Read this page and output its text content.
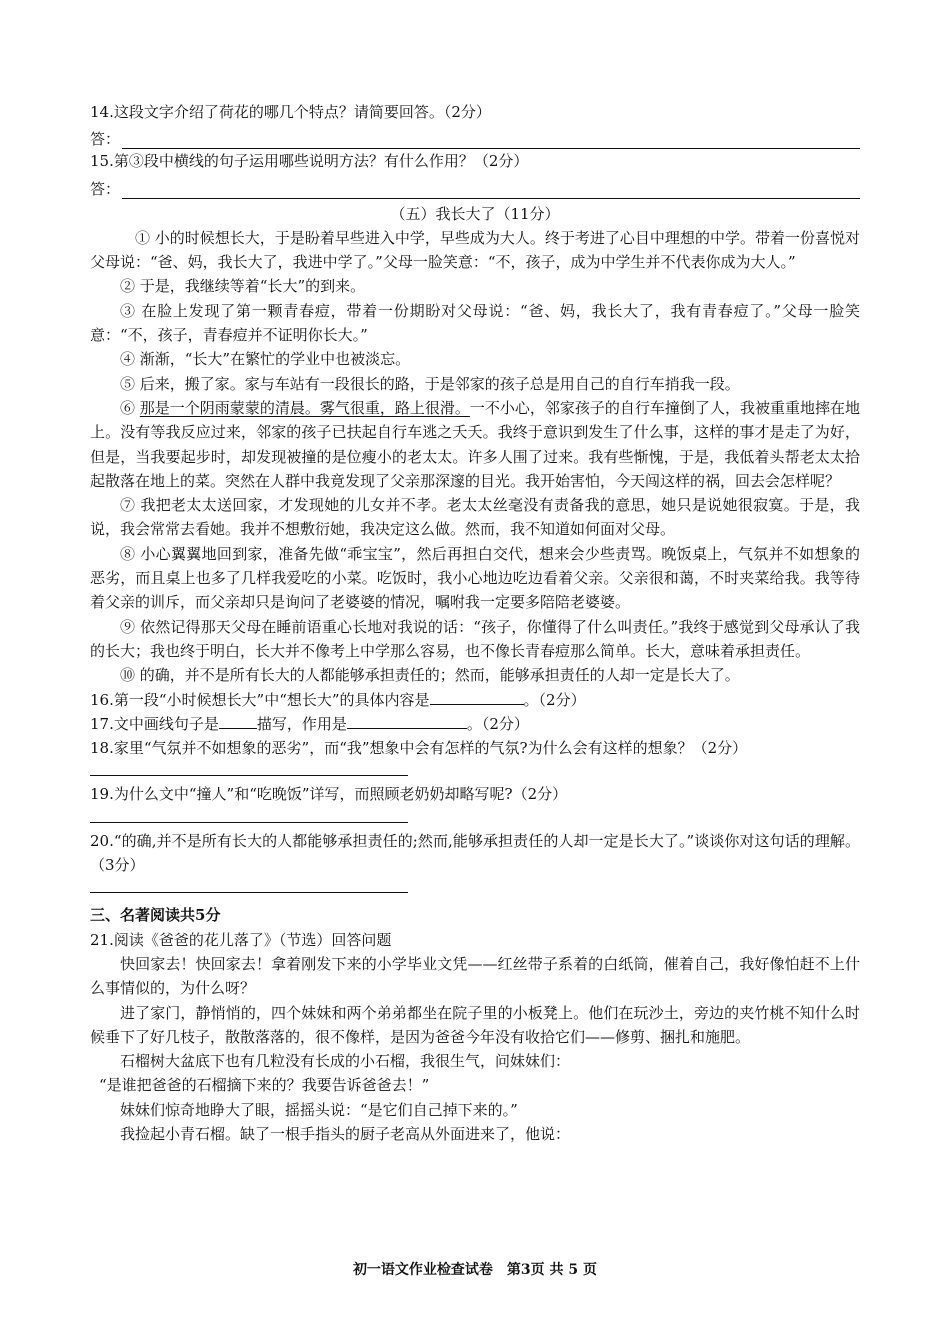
14.这段文字介绍了荷花的哪几个特点？请简要回答。（2分）

答：

15.第③段中横线的句子运用哪些说明方法？有什么作用？（2分）

答：
（五）我长大了（11分）

① 小的时候想长大，于是盼着早些进入中学，早些成为大人。终于考进了心目中理想的中学。带着一份喜悦对父母说：“爸、妈，我长大了，我进中学了。”父母一脸笑意：“不，孩子，成为中学生并不代表你成为大人。”

② 于是，我继续等着“长大”的到来。

③ 在脸上发现了第一颗青春痘，带着一份期盼对父母说：“爸、妈，我长大了，我有青春痘了。”父母一脸笑意：“不，孩子，青春痘并不证明你长大。”

④ 渐渐，“长大”在繁忙的学业中也被淡忘。

⑤ 后来，搬了家。家与车站有一段很长的路，于是邻家的孩子总是用自己的自行车捎我一段。

⑥ 那是一个阴雨蒙蒙的清晨。雾气很重，路上很滑。一不小心，邻家孩子的自行车撞倒了人，我被重重地摔在地上。没有等我反应过来，邻家的孩子已扶起自行车逃之夭夭。我终于意识到发生了什么事，这样的事才是走了为好，但是，当我要起步时，却发现被撞的是位瘦小的老太太。许多人围了过来。我有些惭愧，于是，我低着头帮老太太拾起散落在地上的菜。突然在人群中我竟发现了父亲那深邃的目光。我开始害怕，今天闯这样的祸，回去会怎样呢？

⑦ 我把老太太送回家，才发现她的儿女并不孝。老太太丝毫没有责备我的意思，她只是说她很寂寞。于是，我说，我会常常去看她。我并不想敷衍她，我决定这么做。然而，我不知道如何面对父母。

⑧ 小心翼翼地回到家，准备先做“乖宝宝”，然后再担白交代，想来会少些责骂。晚饭桌上，气氛并不如想象的恶劣，而且桌上也多了几样我爱吃的小菜。吃饭时，我小心地边吃边看着父亲。父亲很和蔼，不时夹菜给我。我等待着父亲的训斥，而父亲却只是询问了老婆婆的情况，嘱咐我一定要多陪陪老婆婆。

⑨ 依然记得那天父母在睡前语重心长地对我说的话：“孩子，你懂得了什么叫责任。”我终于感觉到父母承认了我的长大；我也终于明白，长大并不像考上中学那么容易，也不像长青春痘那么简单。长大，意味着承担责任。

⑩ 的确，并不是所有长大的人都能够承担责任的；然而，能够承担责任的人却一定是长大了。

16.第一段“小时候想长大”中“想长大”的具体内容是	。（2分）

17.文中画线句子是	描写，作用是	。（2分）

18.家里“气氛并不如想象的恶劣”，而“我”想象中会有怎样的气氛?为什么会有这样的想象？（2分）

19.为什么文中“撞人”和“吃晚饭”详写，而照顾老奶奶却略写呢?（2分）

20.“的确,并不是所有长大的人都能够承担责任的;然而,能够承担责任的人却一定是长大了。”谈谈你对这句话的理解。（3分）

三、名著阅读共5分
21.阅读《爸爸的花儿落了》（节选）回答问题

快回家去！快回家去！拿着刚发下来的小学毕业文凭——红丝带子系着的白纸筒，催着自己，我好像怕赶不上什么事情似的，为什么呀？

进了家门，静悄悄的，四个妹妹和两个弟弟都坐在院子里的小板凳上。他们在玩沙土，旁边的夹竹桃不知什么时候垂下了好几枝子，散散落落的，很不像样，是因为爸爸今年没有收拾它们——修剪、捆扎和施肥。

石榴树大盆底下也有几粒没有长成的小石榴，我很生气，问妹妹们：

“是谁把爸爸的石榴摘下来的？我要告诉爸爸去！”

妹妹们惊奇地睁大了眼，摇摇头说：“是它们自己掉下来的。”

我捡起小青石榴。缺了一根手指头的厨子老高从外面进来了，他说：

初一语文作业检查试卷　第3页 共 5 页
